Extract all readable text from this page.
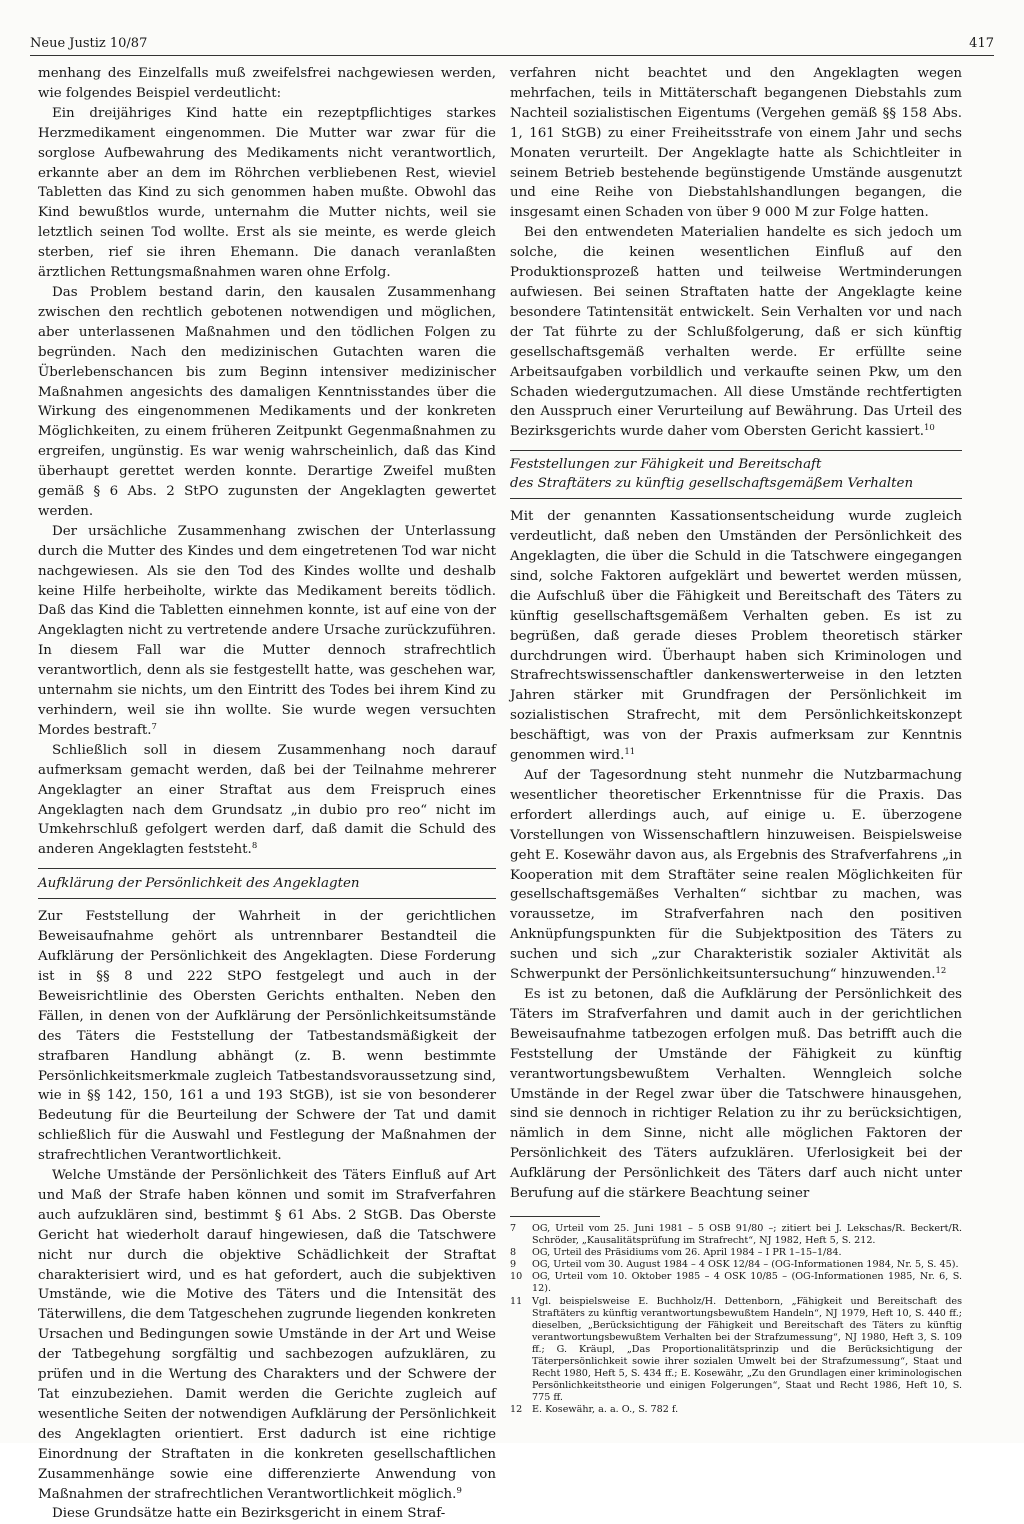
Neue Justiz 10/87	417

menhang des Einzelfalls muß zweifelsfrei nachgewiesen werden, wie folgendes Beispiel verdeutlicht:

Ein dreijähriges Kind hatte ein rezeptpflichtiges starkes Herzmedikament eingenommen. Die Mutter war zwar für die sorglose Aufbewahrung des Medikaments nicht verantwortlich, erkannte aber an dem im Röhrchen verbliebenen Rest, wieviel Tabletten das Kind zu sich genommen haben mußte. Obwohl das Kind bewußtlos wurde, unternahm die Mutter nichts, weil sie letztlich seinen Tod wollte. Erst als sie meinte, es werde gleich sterben, rief sie ihren Ehemann. Die danach veranlaßten ärztlichen Rettungsmaßnahmen waren ohne Erfolg.

Das Problem bestand darin, den kausalen Zusammenhang zwischen den rechtlich gebotenen notwendigen und möglichen, aber unterlassenen Maßnahmen und den tödlichen Folgen zu begründen. Nach den medizinischen Gutachten waren die Überlebenschancen bis zum Beginn intensiver medizinischer Maßnahmen angesichts des damaligen Kenntnisstandes über die Wirkung des eingenommenen Medikaments und der konkreten Möglichkeiten, zu einem früheren Zeitpunkt Gegenmaßnahmen zu ergreifen, ungünstig. Es war wenig wahrscheinlich, daß das Kind überhaupt gerettet werden konnte. Derartige Zweifel mußten gemäß § 6 Abs. 2 StPO zugunsten der Angeklagten gewertet werden.

Der ursächliche Zusammenhang zwischen der Unterlassung durch die Mutter des Kindes und dem eingetretenen Tod war nicht nachgewiesen. Als sie den Tod des Kindes wollte und deshalb keine Hilfe herbeiholte, wirkte das Medikament bereits tödlich. Daß das Kind die Tabletten einnehmen konnte, ist auf eine von der Angeklagten nicht zu vertretende andere Ursache zurückzuführen. In diesem Fall war die Mutter dennoch strafrechtlich verantwortlich, denn als sie festgestellt hatte, was geschehen war, unternahm sie nichts, um den Eintritt des Todes bei ihrem Kind zu verhindern, weil sie ihn wollte. Sie wurde wegen versuchten Mordes bestraft.$^7$

Schließlich soll in diesem Zusammenhang noch darauf aufmerksam gemacht werden, daß bei der Teilnahme mehrerer Angeklagter an einer Straftat aus dem Freispruch eines Angeklagten nach dem Grundsatz „in dubio pro reo“ nicht im Umkehrschluß gefolgert werden darf, daß damit die Schuld des anderen Angeklagten feststeht.$^8$

Aufklärung der Persönlichkeit des Angeklagten

Zur Feststellung der Wahrheit in der gerichtlichen Beweisaufnahme gehört als untrennbarer Bestandteil die Aufklärung der Persönlichkeit des Angeklagten. Diese Forderung ist in §§ 8 und 222 StPO festgelegt und auch in der Beweisrichtlinie des Obersten Gerichts enthalten. Neben den Fällen, in denen von der Aufklärung der Persönlichkeitsumstände des Täters die Feststellung der Tatbestandsmäßigkeit der strafbaren Handlung abhängt (z. B. wenn bestimmte Persönlichkeitsmerkmale zugleich Tatbestandsvoraussetzung sind, wie in §§ 142, 150, 161 a und 193 StGB), ist sie von besonderer Bedeutung für die Beurteilung der Schwere der Tat und damit schließlich für die Auswahl und Festlegung der Maßnahmen der strafrechtlichen Verantwortlichkeit.

Welche Umstände der Persönlichkeit des Täters Einfluß auf Art und Maß der Strafe haben können und somit im Strafverfahren auch aufzuklären sind, bestimmt § 61 Abs. 2 StGB. Das Oberste Gericht hat wiederholt darauf hingewiesen, daß die Tatschwere nicht nur durch die objektive Schädlichkeit der Straftat charakterisiert wird, und es hat gefordert, auch die subjektiven Umstände, wie die Motive des Täters und die Intensität des Täterwillens, die dem Tatgeschehen zugrunde liegenden konkreten Ursachen und Bedingungen sowie Umstände in der Art und Weise der Tatbegehung sorgfältig und sachbezogen aufzuklären, zu prüfen und in die Wertung des Charakters und der Schwere der Tat einzubeziehen. Damit werden die Gerichte zugleich auf wesentliche Seiten der notwendigen Aufklärung der Persönlichkeit des Angeklagten orientiert. Erst dadurch ist eine richtige Einordnung der Straftaten in die konkreten gesellschaftlichen Zusammenhänge sowie eine differenzierte Anwendung von Maßnahmen der strafrechtlichen Verantwortlichkeit möglich.$^9$

Diese Grundsätze hatte ein Bezirksgericht in einem Straf-

verfahren nicht beachtet und den Angeklagten wegen mehrfachen, teils in Mittäterschaft begangenen Diebstahls zum Nachteil sozialistischen Eigentums (Vergehen gemäß §§ 158 Abs. 1, 161 StGB) zu einer Freiheitsstrafe von einem Jahr und sechs Monaten verurteilt. Der Angeklagte hatte als Schichtleiter in seinem Betrieb bestehende begünstigende Umstände ausgenutzt und eine Reihe von Diebstahlshandlungen begangen, die insgesamt einen Schaden von über 9 000 M zur Folge hatten.

Bei den entwendeten Materialien handelte es sich jedoch um solche, die keinen wesentlichen Einfluß auf den Produktionsprozeß hatten und teilweise Wertminderungen aufwiesen. Bei seinen Straftaten hatte der Angeklagte keine besondere Tatintensität entwickelt. Sein Verhalten vor und nach der Tat führte zu der Schlußfolgerung, daß er sich künftig gesellschaftsgemäß verhalten werde. Er erfüllte seine Arbeitsaufgaben vorbildlich und verkaufte seinen Pkw, um den Schaden wiedergutzumachen. All diese Umstände rechtfertigten den Ausspruch einer Verurteilung auf Bewährung. Das Urteil des Bezirksgerichts wurde daher vom Obersten Gericht kassiert.$^{10}$

Feststellungen zur Fähigkeit und Bereitschaft
des Straftäters zu künftig gesellschaftsgemäßem Verhalten

Mit der genannten Kassationsentscheidung wurde zugleich verdeutlicht, daß neben den Umständen der Persönlichkeit des Angeklagten, die über die Schuld in die Tatschwere eingegangen sind, solche Faktoren aufgeklärt und bewertet werden müssen, die Aufschluß über die Fähigkeit und Bereitschaft des Täters zu künftig gesellschaftsgemäßem Verhalten geben. Es ist zu begrüßen, daß gerade dieses Problem theoretisch stärker durchdrungen wird. Überhaupt haben sich Kriminologen und Strafrechtswissenschaftler dankenswerterweise in den letzten Jahren stärker mit Grundfragen der Persönlichkeit im sozialistischen Strafrecht, mit dem Persönlichkeitskonzept beschäftigt, was von der Praxis aufmerksam zur Kenntnis genommen wird.$^{11}$

Auf der Tagesordnung steht nunmehr die Nutzbarmachung wesentlicher theoretischer Erkenntnisse für die Praxis. Das erfordert allerdings auch, auf einige u. E. überzogene Vorstellungen von Wissenschaftlern hinzuweisen. Beispielsweise geht E. Kosewähr davon aus, als Ergebnis des Strafverfahrens „in Kooperation mit dem Straftäter seine realen Möglichkeiten für gesellschaftsgemäßes Verhalten“ sichtbar zu machen, was voraussetze, im Strafverfahren nach den positiven Anknüpfungspunkten für die Subjektposition des Täters zu suchen und sich „zur Charakteristik sozialer Aktivität als Schwerpunkt der Persönlichkeitsuntersuchung“ hinzuwenden.$^{12}$

Es ist zu betonen, daß die Aufklärung der Persönlichkeit des Täters im Strafverfahren und damit auch in der gerichtlichen Beweisaufnahme tatbezogen erfolgen muß. Das betrifft auch die Feststellung der Umstände der Fähigkeit zu künftig verantwortungsbewußtem Verhalten. Wenngleich solche Umstände in der Regel zwar über die Tatschwere hinausgehen, sind sie dennoch in richtiger Relation zu ihr zu berücksichtigen, nämlich in dem Sinne, nicht alle möglichen Faktoren der Persönlichkeit des Täters aufzuklären. Uferlosigkeit bei der Aufklärung der Persönlichkeit des Täters darf auch nicht unter Berufung auf die stärkere Beachtung seiner

7	OG, Urteil vom 25. Juni 1981 – 5 OSB 91/80 –; zitiert bei J. Lekschas/R. Beckert/R. Schröder, „Kausalitätsprüfung im Strafrecht“, NJ 1982, Heft 5, S. 212.
8	OG, Urteil des Präsidiums vom 26. April 1984 – I PR 1–15–1/84.
9	OG, Urteil vom 30. August 1984 – 4 OSK 12/84 – (OG-Informationen 1984, Nr. 5, S. 45).
10	OG, Urteil vom 10. Oktober 1985 – 4 OSK 10/85 – (OG-Informationen 1985, Nr. 6, S. 12).
11	Vgl. beispielsweise E. Buchholz/H. Dettenborn, „Fähigkeit und Bereitschaft des Straftäters zu künftig verantwortungsbewußtem Handeln“, NJ 1979, Heft 10, S. 440 ff.; dieselben, „Berücksichtigung der Fähigkeit und Bereitschaft des Täters zu künftig verantwortungsbewußtem Verhalten bei der Strafzumessung“, NJ 1980, Heft 3, S. 109 ff.; G. Kräupl, „Das Proportionalitätsprinzip und die Berücksichtigung der Täterpersönlichkeit sowie ihrer sozialen Umwelt bei der Strafzumessung“, Staat und Recht 1980, Heft 5, S. 434 ff.; E. Kosewähr, „Zu den Grundlagen einer kriminologischen Persönlichkeitstheorie und einigen Folgerungen“, Staat und Recht 1986, Heft 10, S. 775 ff.
12	E. Kosewähr, a. a. O., S. 782 f.
